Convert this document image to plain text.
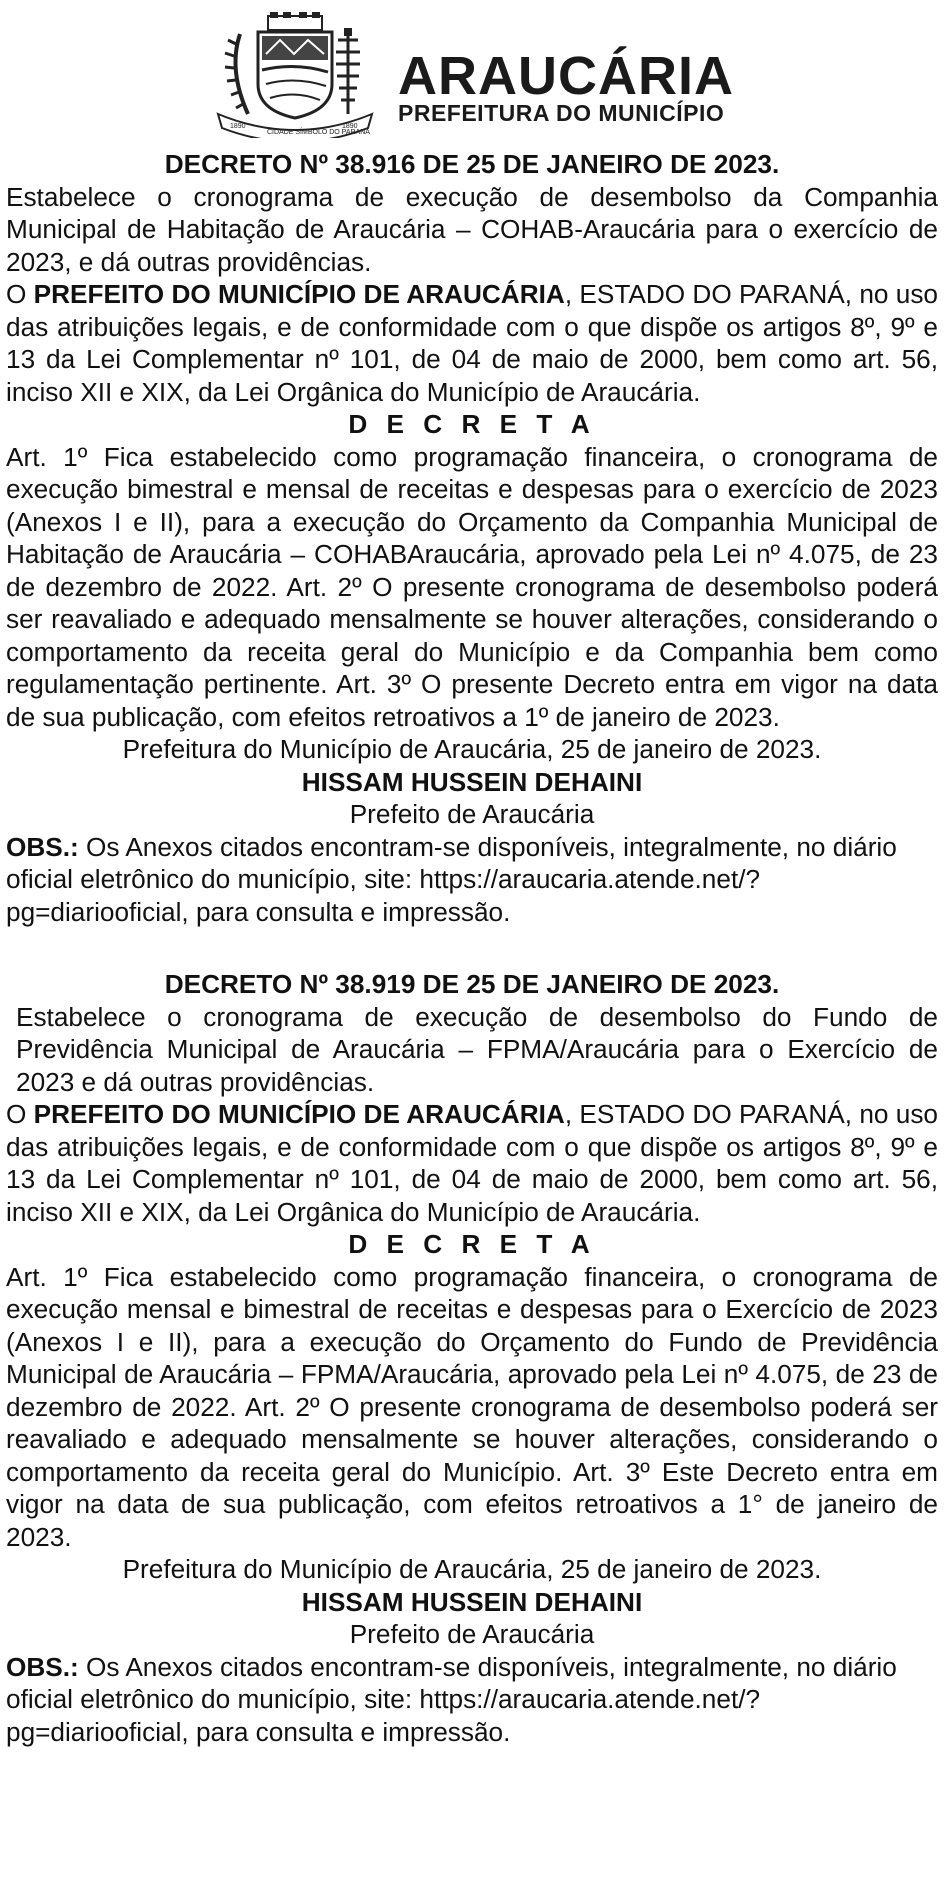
1890
CIDADE SÍMBOLO DO PARANÁ
1890
ARAUCÁRIA
PREFEITURA DO MUNICÍPIO
DECRETO Nº 38.916 DE 25 DE JANEIRO DE 2023.
Estabelece o cronograma de execução de desembolso da Companhia Municipal de Habitação de Araucária – COHAB-Araucária para o exercício de 2023, e dá outras providências.
O PREFEITO DO MUNICÍPIO DE ARAUCÁRIA, ESTADO DO PARANÁ, no uso das atribuições legais, e de conformidade com o que dispõe os artigos 8º, 9º e 13 da Lei Complementar nº 101, de 04 de maio de 2000, bem como art. 56, inciso XII e XIX, da Lei Orgânica do Município de Araucária.
D E C R E T A
Art. 1º Fica estabelecido como programação financeira, o cronograma de execução bimestral e mensal de receitas e despesas para o exercício de 2023 (Anexos I e II), para a execução do Orçamento da Companhia Municipal de Habitação de Araucária – COHABAraucária, aprovado pela Lei nº 4.075, de 23 de dezembro de 2022. Art. 2º O presente cronograma de desembolso poderá ser reavaliado e adequado mensalmente se houver alterações, considerando o comportamento da receita geral do Município e da Companhia bem como regulamentação pertinente. Art. 3º O presente Decreto entra em vigor na data de sua publicação, com efeitos retroativos a 1º de janeiro de 2023.
Prefeitura do Município de Araucária, 25 de janeiro de 2023.
HISSAM HUSSEIN DEHAINI
Prefeito de Araucária
OBS.: Os Anexos citados encontram-se disponíveis, integralmente, no diário oficial eletrônico do município, site: https://araucaria.atende.net/?pg=diariooficial, para consulta e impressão.
DECRETO Nº 38.919 DE 25 DE JANEIRO DE 2023.
Estabelece o cronograma de execução de desembolso do Fundo de Previdência Municipal de Araucária – FPMA/Araucária para o Exercício de 2023 e dá outras providências.
O PREFEITO DO MUNICÍPIO DE ARAUCÁRIA, ESTADO DO PARANÁ, no uso das atribuições legais, e de conformidade com o que dispõe os artigos 8º, 9º e 13 da Lei Complementar nº 101, de 04 de maio de 2000, bem como art. 56, inciso XII e XIX, da Lei Orgânica do Município de Araucária.
D E C R E T A
Art. 1º Fica estabelecido como programação financeira, o cronograma de execução mensal e bimestral de receitas e despesas para o Exercício de 2023 (Anexos I e II), para a execução do Orçamento do Fundo de Previdência Municipal de Araucária – FPMA/Araucária, aprovado pela Lei nº 4.075, de 23 de dezembro de 2022. Art. 2º O presente cronograma de desembolso poderá ser reavaliado e adequado mensalmente se houver alterações, considerando o comportamento da receita geral do Município. Art. 3º Este Decreto entra em vigor na data de sua publicação, com efeitos retroativos a 1° de janeiro de 2023.
Prefeitura do Município de Araucária, 25 de janeiro de 2023.
HISSAM HUSSEIN DEHAINI
Prefeito de Araucária
OBS.: Os Anexos citados encontram-se disponíveis, integralmente, no diário oficial eletrônico do município, site: https://araucaria.atende.net/?pg=diariooficial, para consulta e impressão.
